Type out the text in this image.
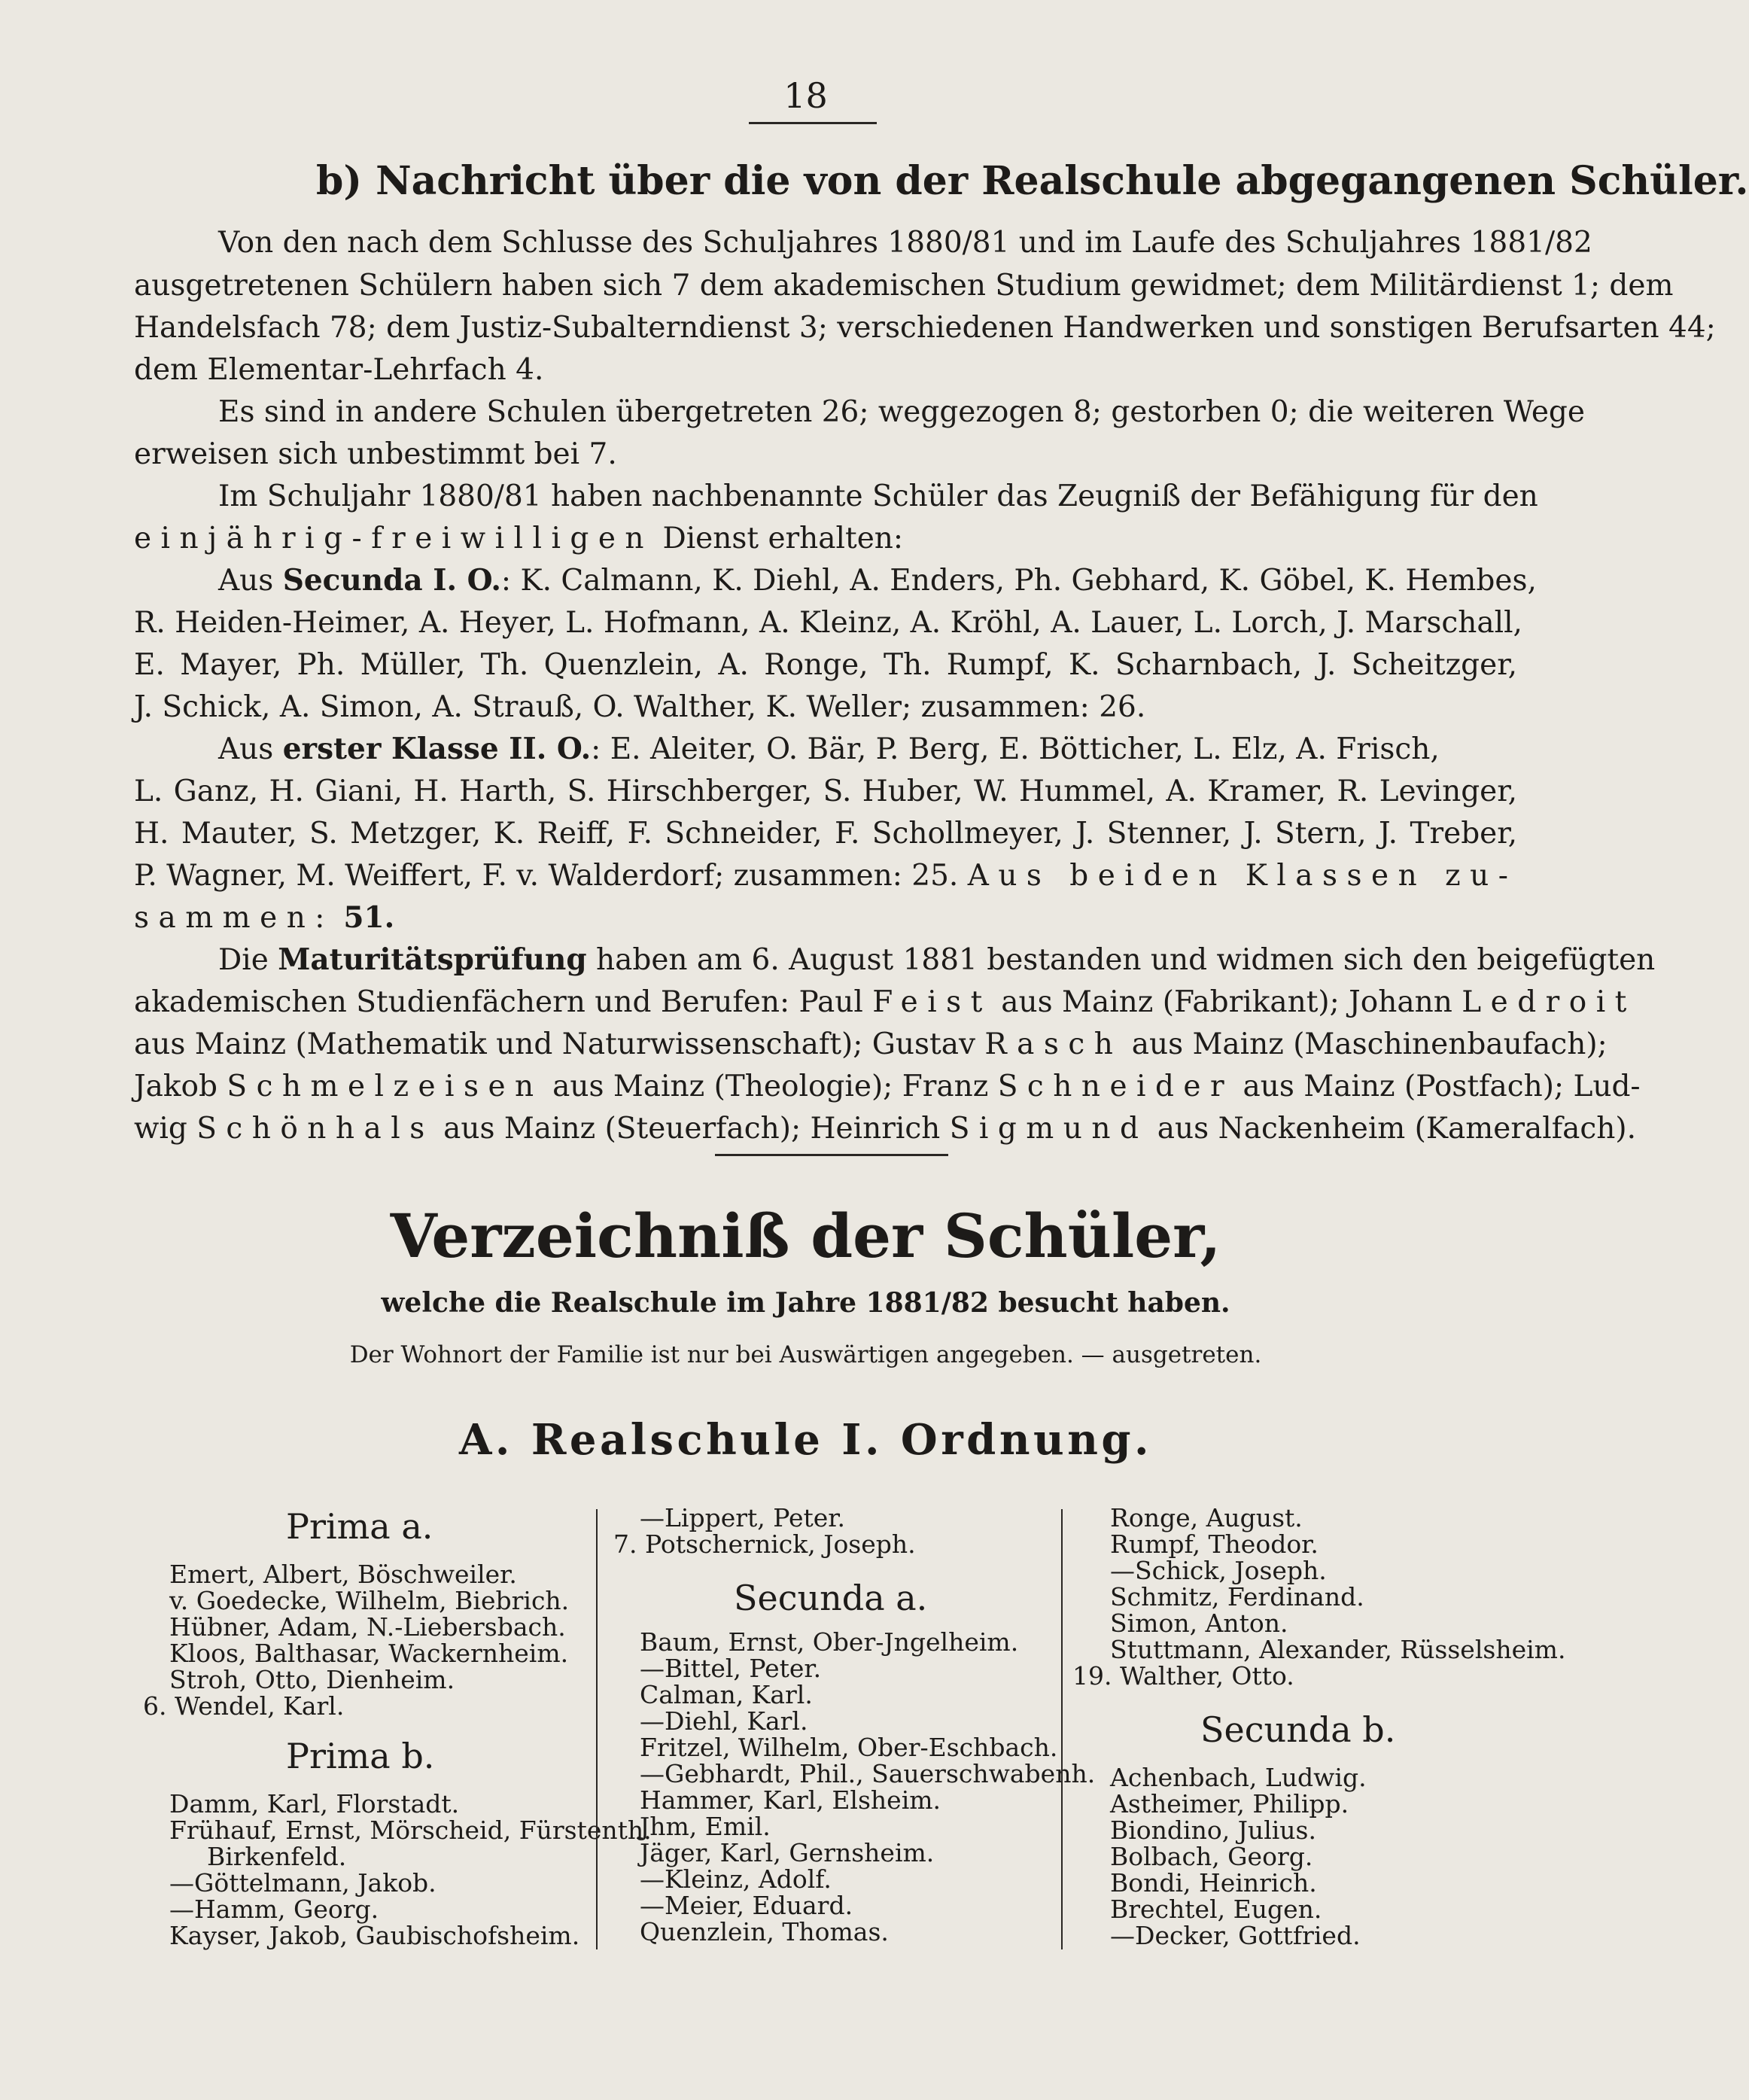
18
b) Nachricht über die von der Realschule abgegangenen Schüler.
Von den nach dem Schlusse des Schuljahres 1880/81 und im Laufe des Schuljahres 1881/82
ausgetretenen Schülern haben sich 7 dem akademischen Studium gewidmet; dem Militärdienst 1; dem
Handelsfach 78; dem Justiz-Subalterndienst 3; verschiedenen Handwerken und sonstigen Berufsarten 44;
dem Elementar-Lehrfach 4.
Es sind in andere Schulen übergetreten 26; weggezogen 8; gestorben 0; die weiteren Wege
erweisen sich unbestimmt bei 7.
Im Schuljahr 1880/81 haben nachbenannte Schüler das Zeugniß der Befähigung für den
einjährig-freiwilligen Dienst erhalten:
Aus Secunda I. O.: K. Calmann, K. Diehl, A. Enders, Ph. Gebhard, K. Göbel, K. Hembes,
R. Heiden-Heimer, A. Heyer, L. Hofmann, A. Kleinz, A. Kröhl, A. Lauer, L. Lorch, J. Marschall,
E. Mayer, Ph. Müller, Th. Quenzlein, A. Ronge, Th. Rumpf, K. Scharnbach, J. Scheitzger,
J. Schick, A. Simon, A. Strauß, O. Walther, K. Weller; zusammen: 26.
Aus erster Klasse II. O.: E. Aleiter, O. Bär, P. Berg, E. Bötticher, L. Elz, A. Frisch,
L. Ganz, H. Giani, H. Harth, S. Hirschberger, S. Huber, W. Hummel, A. Kramer, R. Levinger,
H. Mauter, S. Metzger, K. Reiff, F. Schneider, F. Schollmeyer, J. Stenner, J. Stern, J. Treber,
P. Wagner, M. Weiffert, F. v. Walderdorf; zusammen: 25. Aus beiden Klassen zu-
sammen: 51.
Die Maturitätsprüfung haben am 6. August 1881 bestanden und widmen sich den beigefügten
akademischen Studienfächern und Berufen: Paul Feist aus Mainz (Fabrikant); Johann Ledroit
aus Mainz (Mathematik und Naturwissenschaft); Gustav Rasch aus Mainz (Maschinenbaufach);
Jakob Schmelzeisen aus Mainz (Theologie); Franz Schneider aus Mainz (Postfach); Lud-
wig Schönhals aus Mainz (Steuerfach); Heinrich Sigmund aus Nackenheim (Kameralfach).
Verzeichniß der Schüler,
welche die Realschule im Jahre 1881/82 besucht haben.
Der Wohnort der Familie ist nur bei Auswärtigen angegeben. — ausgetreten.
A. Realschule I. Ordnung.
Prima a.
Emert, Albert, Böschweiler.
v. Goedecke, Wilhelm, Biebrich.
Hübner, Adam, N.-Liebersbach.
Kloos, Balthasar, Wackernheim.
Stroh, Otto, Dienheim.
6. Wendel, Karl.
Prima b.
Damm, Karl, Florstadt.
Frühauf, Ernst, Mörscheid, Fürstenth.
Birkenfeld.
—Göttelmann, Jakob.
—Hamm, Georg.
Kayser, Jakob, Gaubischofsheim.
—Lippert, Peter.
7. Potschernick, Joseph.
Secunda a.
Baum, Ernst, Ober-Jngelheim.
—Bittel, Peter.
Calman, Karl.
—Diehl, Karl.
Fritzel, Wilhelm, Ober-Eschbach.
—Gebhardt, Phil., Sauerschwabenh.
Hammer, Karl, Elsheim.
Jhm, Emil.
Jäger, Karl, Gernsheim.
—Kleinz, Adolf.
—Meier, Eduard.
Quenzlein, Thomas.
Ronge, August.
Rumpf, Theodor.
—Schick, Joseph.
Schmitz, Ferdinand.
Simon, Anton.
Stuttmann, Alexander, Rüsselsheim.
19. Walther, Otto.
Secunda b.
Achenbach, Ludwig.
Astheimer, Philipp.
Biondino, Julius.
Bolbach, Georg.
Bondi, Heinrich.
Brechtel, Eugen.
—Decker, Gottfried.
